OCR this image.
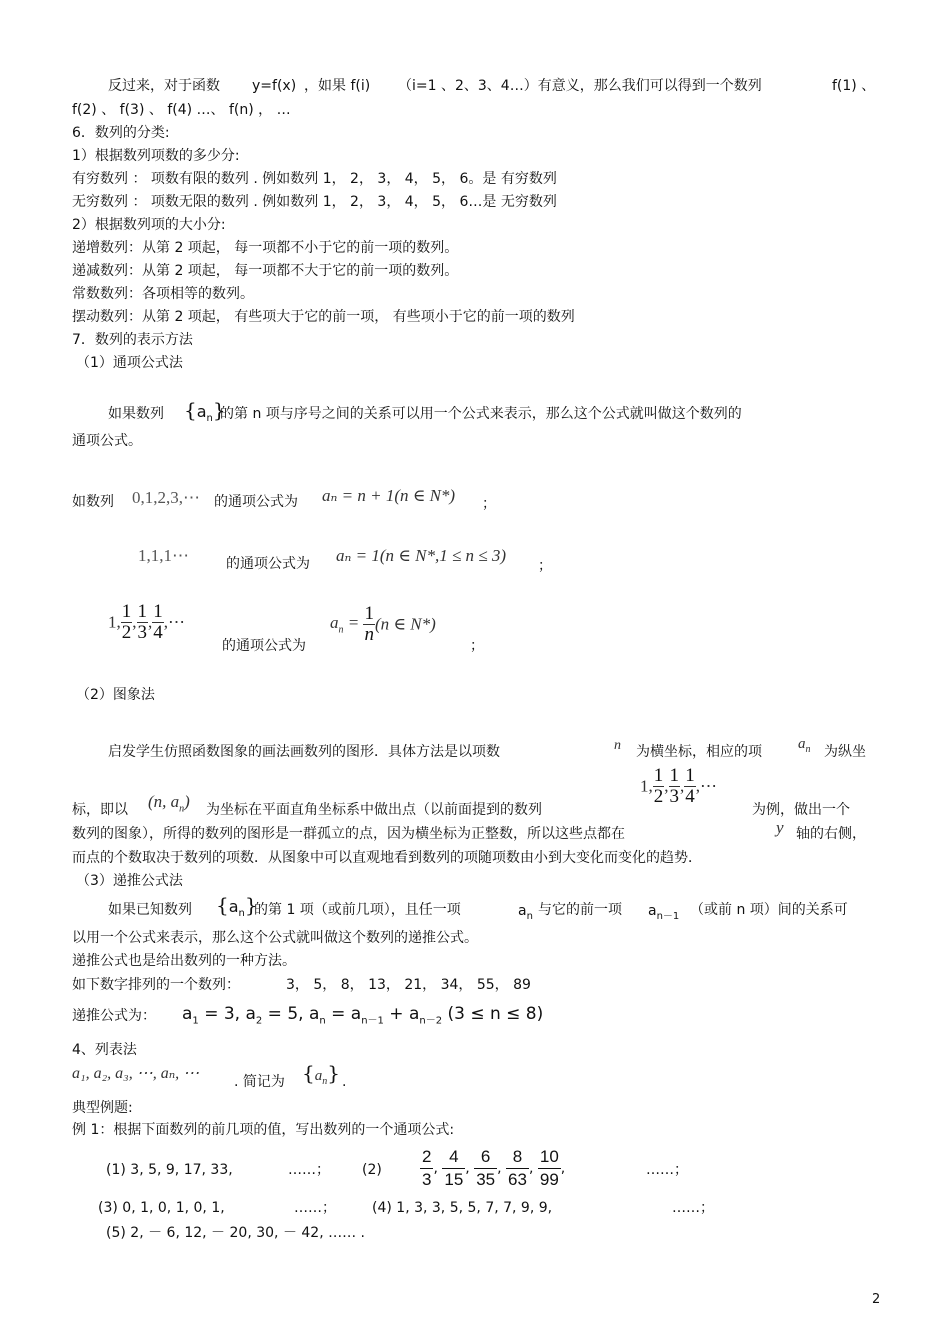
反过来，对于函数 y=f(x) ，如果 f(i) （i=1 、2、3、4…）有意义，那么我们可以得到一个数列	f(1) 、
f(2) 、 f(3) 、 f(4) …、 f(n) ， …
6．数列的分类:
1）根据数列项数的多少分:
有穷数列 ： 项数有限的数列 . 例如数列 1， 2， 3， 4， 5， 6。是 有穷数列
无穷数列 ： 项数无限的数列 . 例如数列 1， 2， 3， 4， 5， 6…是 无穷数列
2）根据数列项的大小分:
递增数列：从第 2 项起， 每一项都不小于它的前一项的数列。
递减数列：从第 2 项起， 每一项都不大于它的前一项的数列。
常数数列：各项相等的数列。
摆动数列：从第 2 项起， 有些项大于它的前一项， 有些项小于它的前一项的数列
7．数列的表示方法
（1）通项公式法
如果数列 $\{a_n\}$
的第 n 项与序号之间的关系可以用一个公式来表示，那么这个公式就叫做这个数列的
通项公式。
如数列 0,1,2,3,⋯ 的通项公式为 aₙ = n + 1(n ∈ N*) ；
1,1,1⋯	的通项公式为 aₙ = 1(n ∈ N*,1 ≤ n ≤ 3)
；
1, $\frac{1}{2}$ , $\frac{1}{3}$ , $\frac{1}{4}$ ,⋯
的通项公式为
$a_n = \frac{1}{n} (n$ ∈ N*)
；
（2）图象法
启发学生仿照函数图象的画法画数列的图形．具体方法是以项数	n 为横坐标，相应的项 $a_n$ 为纵坐
1, $\frac{1}{2}$ , $\frac{1}{3}$ , $\frac{1}{4}$ ,⋯
标，即以 (n, $a_n$) 为坐标在平面直角坐标系中做出点（以前面提到的数列	为例，做出一个
数列的图象），所得的数列的图形是一群孤立的点，因为横坐标为正整数，所以这些点都在	y 轴的右侧，
而点的个数取决于数列的项数．从图象中可以直观地看到数列的项随项数由小到大变化而变化的趋势．
（3）递推公式法
如果已知数列 $\{a_n\}$
的第 1 项（或前几项），且任一项	$a_n$ 与它的前一项 $a_{n-1}$ （或前 n 项）间的关系可
以用一个公式来表示，那么这个公式就叫做这个数列的递推公式。
递推公式也是给出数列的一种方法。
如下数字排列的一个数列：	3， 5， 8， 13， 21， 34， 55， 89
递推公式为： $a_1 = 3$, $a_2 = 5$, $a_n = a_{n-1} + a_{n-2}$ (3 ≤ n ≤ 8)
4、列表法
a₁, a₂, a₃, ⋯, aₙ, ⋯ . 简记为 $\{a_n\}$ .
典型例题:
例 1：根据下面数列的前几项的值，写出数列的一个通项公式:
(1) 3, 5, 9, 17, 33,	……； $(2) \frac{2}{3}$ , $\frac{4}{15}$ , $\frac{6}{35}$ , $\frac{8}{63}$ , $\frac{10}{99}$ ,	……；
(3) 0, 1, 0, 1, 0, 1,	……；	(4) 1, 3, 3, 5, 5, 7, 7, 9, 9,	……；
(5) 2, － 6, 12, － 20, 30, － 42, …… .
2
